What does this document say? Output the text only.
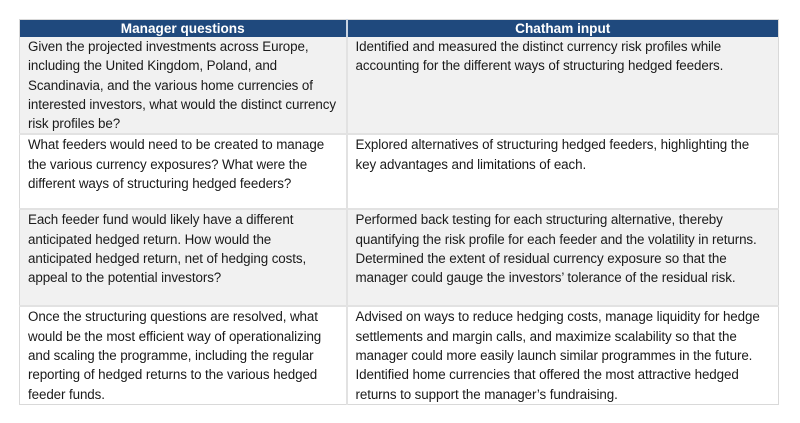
Manager questions	Chatham input
Given the projected investments across Europe, including the United Kingdom, Poland, and Scandinavia, and the various home currencies of interested investors, what would the distinct currency risk profiles be?	Identified and measured the distinct currency risk profiles while accounting for the different ways of structuring hedged feeders.
What feeders would need to be created to manage the various currency exposures? What were the different ways of structuring hedged feeders?	Explored alternatives of structuring hedged feeders, highlighting the key advantages and limitations of each.
Each feeder fund would likely have a different anticipated hedged return. How would the anticipated hedged return, net of hedging costs, appeal to the potential investors?	Performed back testing for each structuring alternative, thereby quantifying the risk profile for each feeder and the volatility in returns. Determined the extent of residual currency exposure so that the manager could gauge the investors’ tolerance of the residual risk.
Once the structuring questions are resolved, what would be the most efficient way of operationalizing and scaling the programme, including the regular reporting of hedged returns to the various hedged feeder funds.	Advised on ways to reduce hedging costs, manage liquidity for hedge settlements and margin calls, and maximize scalability so that the manager could more easily launch similar programmes in the future. Identified home currencies that offered the most attractive hedged returns to support the manager’s fundraising.
